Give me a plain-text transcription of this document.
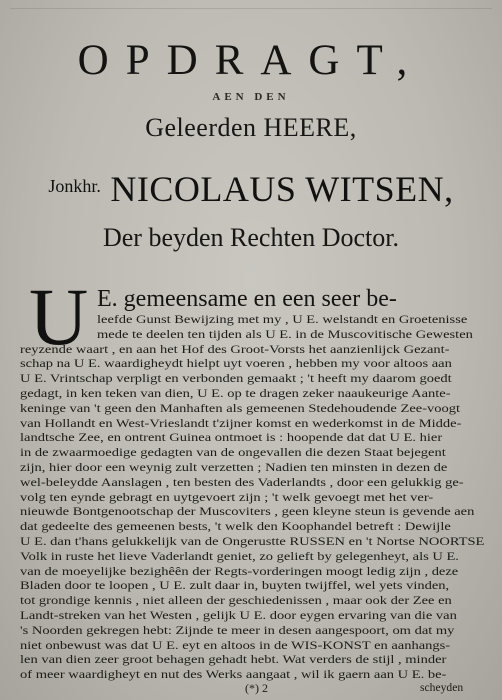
OPDRAGT,
AEN DEN
Geleerden HEERE,
$^{Jonkhr.}$ NICOLAUS WITSEN,
Der beyden Rechten Doctor.
U E. gemeensame en een seer be-
leefde Gunst Bewijzing met my , U E. welstandt en Groetenisse
mede te deelen ten tijden als U E. in de Muscovitische Gewesten
reyzende waart , en aan het Hof des Groot-Vorsts het aanzienlijck Gezant-
schap na U E. waardigheydt hielpt uyt voeren , hebben my voor altoos aan
U E. Vrintschap verpligt en verbonden gemaakt ; 't heeft my daarom goedt
gedagt, in ken teken van dien, U E. op te dragen zeker naaukeurige Aante-
keninge van 't geen den Manhaften als gemeenen Stedehoudende Zee-voogt
van Hollandt en West-Vrieslandt t'zijner komst en wederkomst in de Midde-
landtsche Zee, en ontrent Guinea ontmoet is : hoopende dat dat U E. hier
in de zwaarmoedige gedagten van de ongevallen die dezen Staat bejegent
zijn, hier door een weynig zult verzetten ; Nadien ten minsten in dezen de
wel-beleydde Aanslagen , ten besten des Vaderlandts , door een gelukkig ge-
volg ten eynde gebragt en uytgevoert zijn ; 't welk gevoegt met het ver-
nieuwde Bontgenootschap der Muscoviters , geen kleyne steun is gevende aen
dat gedeelte des gemeenen bests, 't welk den Koophandel betreft : Dewijle
U E. dan t'hans gelukkelijk van de Ongerustte RUSSEN en 't Nortse NOORTSE
Volk in ruste het lieve Vaderlandt geniet, zo gelieft by gelegenheyt, als U E.
van de moeyelijke bezighêên der Regts-vorderingen moogt ledig zijn , deze
Bladen door te loopen , U E. zult daar in, buyten twijffel, wel yets vinden,
tot grondige kennis , niet alleen der geschiedenissen , maar ook der Zee en
Landt-streken van het Westen , gelijk U E. door eygen ervaring van die van
's Noorden gekregen hebt: Zijnde te meer in desen aangespoort, om dat my
niet onbewust was dat U E. eyt en altoos in de WIS-KONST en aanhangs-
len van dien zeer groot behagen gehadt hebt. Wat verders de stijl , minder
of meer waardigheyt en nut des Werks aangaat , wil ik gaern aan U E. be-
(*) 2	scheyden
